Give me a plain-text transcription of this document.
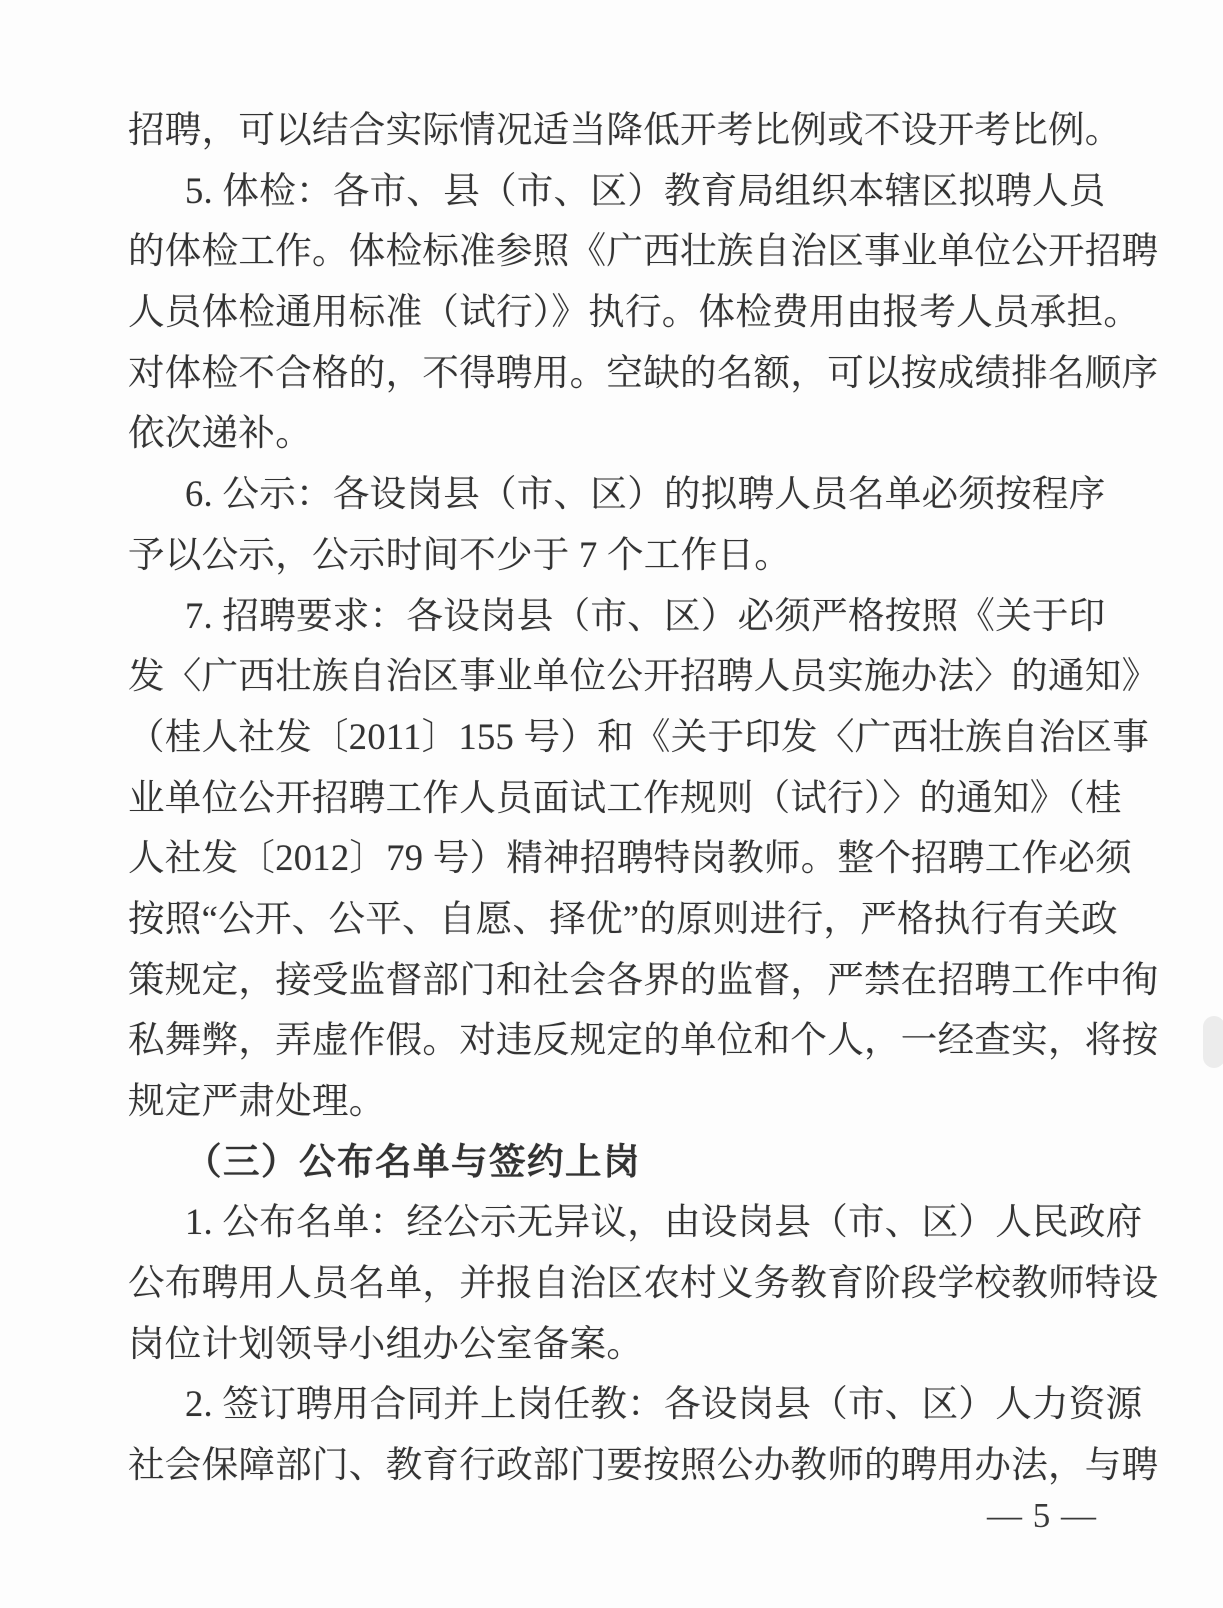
招聘，可以结合实际情况适当降低开考比例或不设开考比例。
5. 体检：各市、县（市、区）教育局组织本辖区拟聘人员
的体检工作。体检标准参照《广西壮族自治区事业单位公开招聘
人员体检通用标准（试行）》执行。体检费用由报考人员承担。
对体检不合格的，不得聘用。空缺的名额，可以按成绩排名顺序
依次递补。
6. 公示：各设岗县（市、区）的拟聘人员名单必须按程序
予以公示，公示时间不少于 7 个工作日。
7. 招聘要求：各设岗县（市、区）必须严格按照《关于印
发〈广西壮族自治区事业单位公开招聘人员实施办法〉的通知》
（桂人社发〔2011〕155 号）和《关于印发〈广西壮族自治区事
业单位公开招聘工作人员面试工作规则（试行）〉的通知》（桂
人社发〔2012〕79 号）精神招聘特岗教师。整个招聘工作必须
按照“公开、公平、自愿、择优”的原则进行，严格执行有关政
策规定，接受监督部门和社会各界的监督，严禁在招聘工作中徇
私舞弊，弄虚作假。对违反规定的单位和个人，一经查实，将按
规定严肃处理。
（三）公布名单与签约上岗
1. 公布名单：经公示无异议，由设岗县（市、区）人民政府
公布聘用人员名单，并报自治区农村义务教育阶段学校教师特设
岗位计划领导小组办公室备案。
2. 签订聘用合同并上岗任教：各设岗县（市、区）人力资源
社会保障部门、教育行政部门要按照公办教师的聘用办法，与聘
— 5 —
